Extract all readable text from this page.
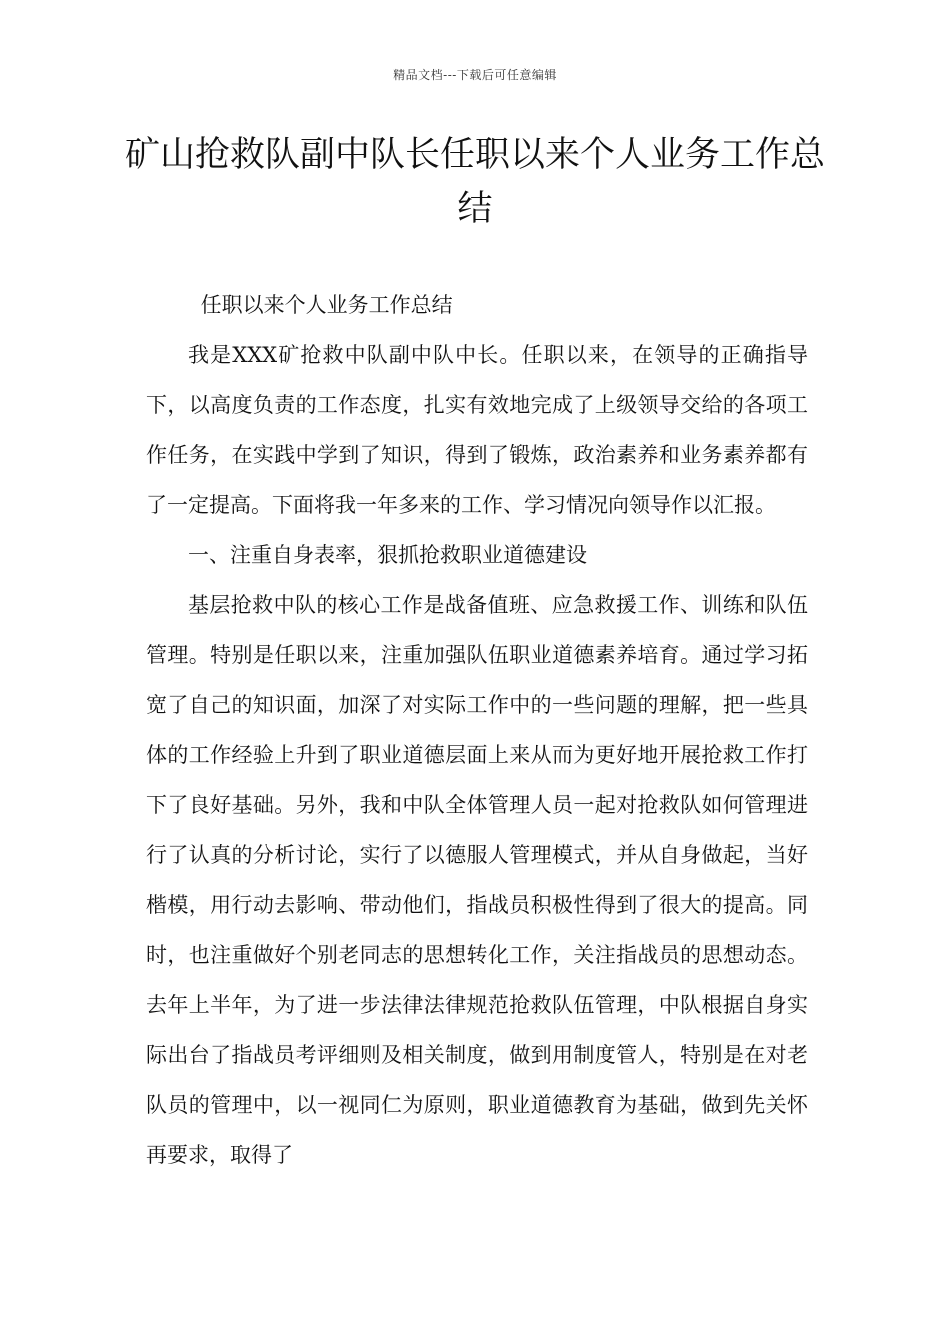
精品文档---下载后可任意编辑
矿山抢救队副中队长任职以来个人业务工作总结

任职以来个人业务工作总结

我是XXX矿抢救中队副中队中长。任职以来，在领导的正确指导下，以高度负责的工作态度，扎实有效地完成了上级领导交给的各项工作任务，在实践中学到了知识，得到了锻炼，政治素养和业务素养都有了一定提高。下面将我一年多来的工作、学习情况向领导作以汇报。

一、注重自身表率，狠抓抢救职业道德建设

基层抢救中队的核心工作是战备值班、应急救援工作、训练和队伍管理。特别是任职以来，注重加强队伍职业道德素养培育。通过学习拓宽了自己的知识面，加深了对实际工作中的一些问题的理解，把一些具体的工作经验上升到了职业道德层面上来从而为更好地开展抢救工作打下了良好基础。另外，我和中队全体管理人员一起对抢救队如何管理进行了认真的分析讨论，实行了以德服人管理模式，并从自身做起，当好楷模，用行动去影响、带动他们，指战员积极性得到了很大的提高。同时，也注重做好个别老同志的思想转化工作，关注指战员的思想动态。去年上半年，为了进一步法律法律规范抢救队伍管理，中队根据自身实际出台了指战员考评细则及相关制度，做到用制度管人，特别是在对老队员的管理中，以一视同仁为原则，职业道德教育为基础，做到先关怀再要求，取得了
